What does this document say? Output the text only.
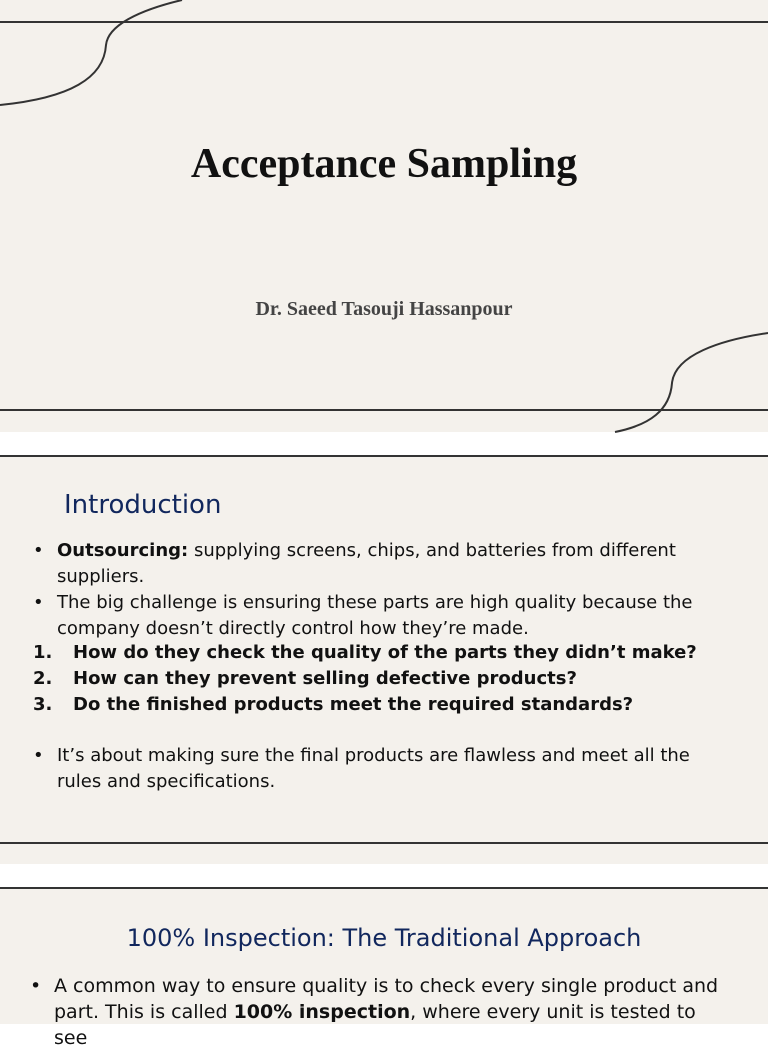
Acceptance Sampling
Dr. Saeed Tasouji Hassanpour
Introduction
• Outsourcing: supplying screens, chips, and batteries from different suppliers.
• The big challenge is ensuring these parts are high quality because the company doesn’t directly control how they’re made.
1. How do they check the quality of the parts they didn’t make?
2. How can they prevent selling defective products?
3. Do the finished products meet the required standards?
• It’s about making sure the final products are flawless and meet all the rules and specifications.
100% Inspection: The Traditional Approach
• A common way to ensure quality is to check every single product and part. This is called 100% inspection, where every unit is tested to see
